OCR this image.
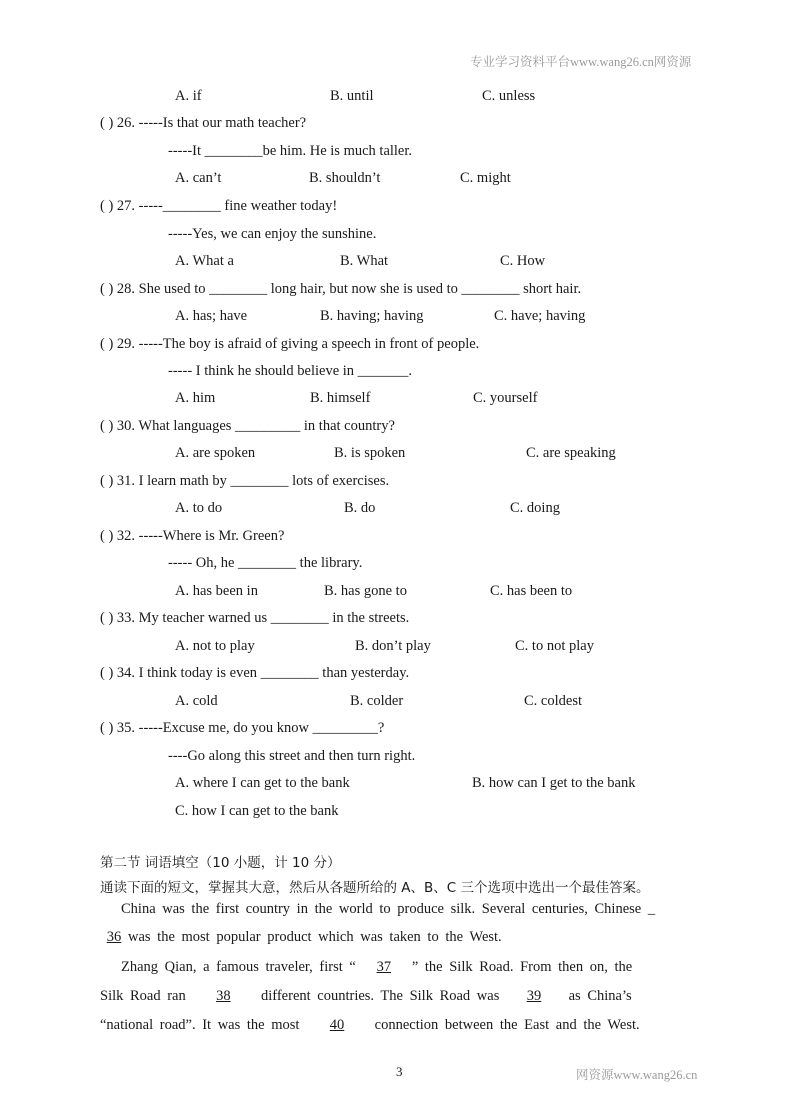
专业学习资料平台www.wang26.cn网资源
A. if	B. until	C. unless
( ) 26. -----Is that our math teacher?
-----It ________be him. He is much taller.
A. can’t	B. shouldn’t	C. might
( ) 27. -----________ fine weather today!
-----Yes, we can enjoy the sunshine.
A. What a	B. What	C. How
( ) 28. She used to ________ long hair, but now she is used to ________ short hair.
A. has; have	B. having; having	C. have; having
( ) 29. -----The boy is afraid of giving a speech in front of people.
----- I think he should believe in _______.
A. him	B. himself	C. yourself
( ) 30. What languages _________ in that country?
A. are spoken	B. is spoken	C. are speaking
( ) 31. I learn math by ________ lots of exercises.
A. to do	B. do	C. doing
( ) 32. -----Where is Mr. Green?
----- Oh, he ________ the library.
A. has been in	B. has gone to	C. has been to
( ) 33. My teacher warned us ________ in the streets.
A. not to play	B. don’t play	C. to not play
( ) 34. I think today is even ________ than yesterday.
A. cold	B. colder	C. coldest
( ) 35. -----Excuse me, do you know _________?
----Go along this street and then turn right.
A. where I can get to the bank	B. how can I get to the bank
C. how I can get to the bank
第二节 词语填空（10 小题，计 10 分）
通读下面的短文，掌握其大意，然后从各题所给的 A、B、C 三个选项中选出一个最佳答案。
China was the first country in the world to produce silk. Several centuries, Chinese _
36 was the most popular product which was taken to the West.
Zhang Qian, a famous traveler, first “ 37 ” the Silk Road. From then on, the
Silk Road ran 38 different countries. The Silk Road was 39 as China’s
“national road”. It was the most 40 connection between the East and the West.
3	网资源www.wang26.cn
